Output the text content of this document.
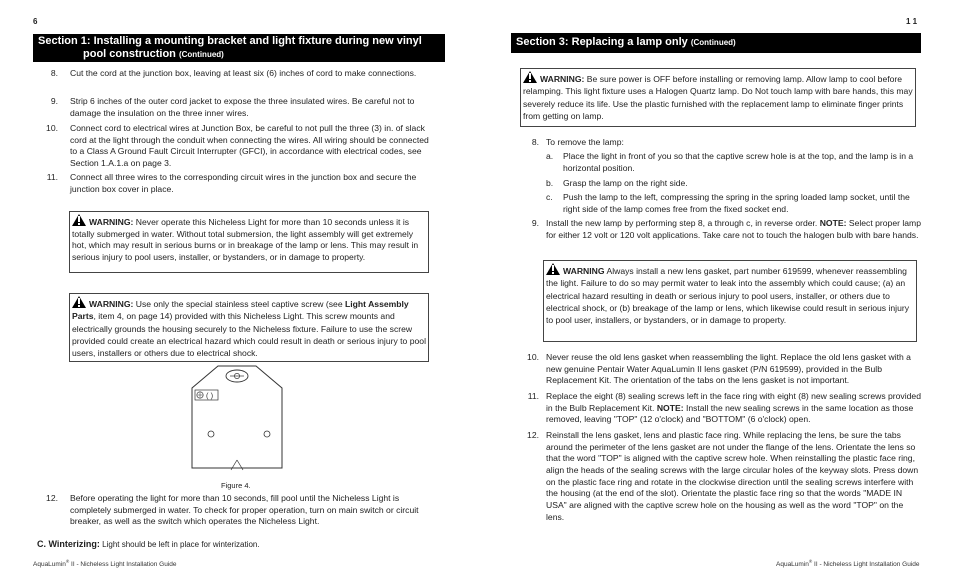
6
Section 1: Installing a mounting bracket and light fixture during new vinyl
pool construction (Continued)
8. Cut the cord at the junction box, leaving at least six (6) inches of cord to make connections.
9. Strip 6 inches of the outer cord jacket to expose the three insulated wires. Be careful not to damage the insulation on the three inner wires.
10. Connect cord to electrical wires at Junction Box, be careful to not pull the three (3) in. of slack cord at the light through the conduit when connecting the wires. All wiring should be connected to a Class A Ground Fault Circuit Interrupter (GFCI), in accordance with electrical codes, see Section 1.A.1.a on page 3.
11. Connect all three wires to the corresponding circuit wires in the junction box and secure the junction box cover in place.
WARNING: Never operate this Nicheless Light for more than 10 seconds unless it is totally submerged in water. Without total submersion, the light assembly will get extremely hot, which may result in serious burns or in breakage of the lamp or lens. This may result in serious injury to pool users, installer, or bystanders, or in damage to property.
WARNING: Use only the special stainless steel captive screw (see Light Assembly Parts, item 4, on page 14) provided with this Nicheless Light. This screw mounts and electrically grounds the housing securely to the Nicheless fixture. Failure to use the screw provided could create an electrical hazard which could result in death or serious injury to pool users, installers or others due to electrical shock.
( )
Figure 4.
12. Before operating the light for more than 10 seconds, fill pool until the Nicheless Light is completely submerged in water. To check for proper operation, turn on main switch or circuit breaker, as well as the switch which operates the Nicheless Light.
C. Winterizing: Light should be left in place for winterization.
AquaLumin® II - Nicheless Light Installation Guide
1 1
Section 3: Replacing a lamp only (Continued)
WARNING: Be sure power is OFF before installing or removing lamp. Allow lamp to cool before relamping. This light fixture uses a Halogen Quartz lamp. Do Not touch lamp with bare hands, this may severely reduce its life. Use the plastic furnished with the replacement lamp to eliminate finger prints from getting on lamp.
8. To remove the lamp:
a.	Place the light in front of you so that the captive screw hole is at the top, and the lamp is in a horizontal position.
b.	Grasp the lamp on the right side.
c.	Push the lamp to the left, compressing the spring in the spring loaded lamp socket, until the right side of the lamp comes free from the fixed socket end.
9. Install the new lamp by performing step 8, a through c, in reverse order. NOTE: Select proper lamp for either 12 volt or 120 volt applications. Take care not to touch the halogen bulb with bare hands.
WARNING Always install a new lens gasket, part number 619599, whenever reassembling the light. Failure to do so may permit water to leak into the assembly which could cause; (a) an electrical hazard resulting in death or serious injury to pool users, installer, or others due to electrical shock, or (b) breakage of the lamp or lens, which likewise could result in serious injury to pool user, installers, or bystanders, or in damage to property.
10. Never reuse the old lens gasket when reassembling the light. Replace the old lens gasket with a new genuine Pentair Water AquaLumin II lens gasket (P/N 619599), provided in the Bulb Replacement Kit. The orientation of the tabs on the lens gasket is not important.
11. Replace the eight (8) sealing screws left in the face ring with eight (8) new sealing screws provided in the Bulb Replacement Kit. NOTE: Install the new sealing screws in the same location as those removed, leaving "TOP" (12 o'clock) and "BOTTOM" (6 o'clock) open.
12. Reinstall the lens gasket, lens and plastic face ring. While replacing the lens, be sure the tabs around the perimeter of the lens gasket are not under the flange of the lens. Orientate the lens so that the word "TOP" is aligned with the captive screw hole. When reinstalling the plastic face ring, align the heads of the sealing screws with the large circular holes of the keyway slots. Press down on the plastic face ring and rotate in the clockwise direction until the sealing screws interfere with the housing (at the end of the slot). Orientate the plastic face ring so that the words "MADE IN USA" are aligned with the captive screw hole on the housing as well as the word "TOP" on the lens.
AquaLumin® II - Nicheless Light Installation Guide
